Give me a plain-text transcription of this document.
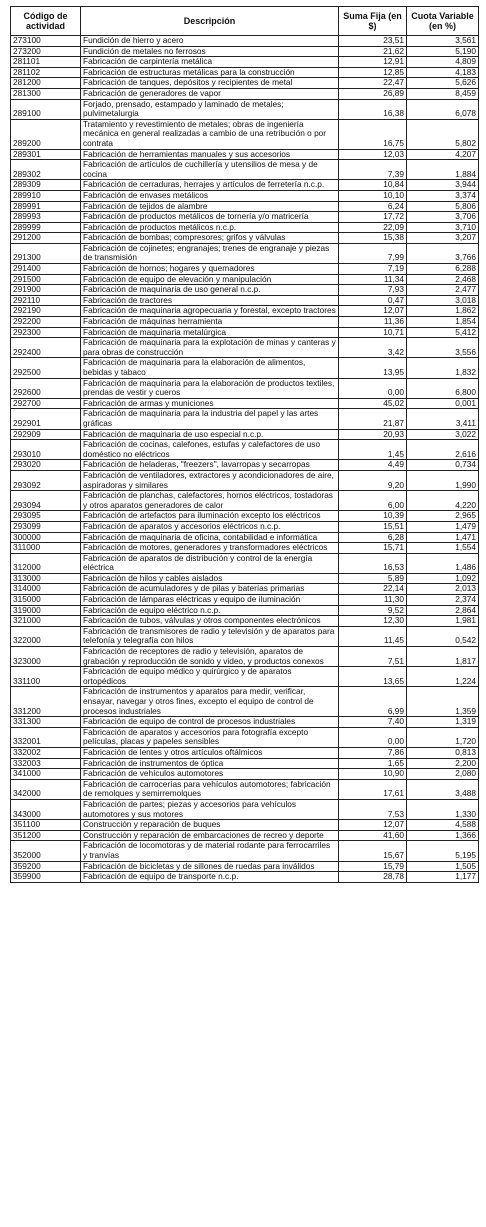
Código de actividad	Descripción	Suma Fija (en $)	Cuota Variable (en %)
273100	Fundición de hierro y acero	23,51	3,561
273200	Fundición de metales no ferrosos	21,62	5,190
281101	Fabricación de carpintería metálica	12,91	4,809
281102	Fabricación de estructuras metálicas para la construcción	12,85	4,183
281200	Fabricación de tanques, depósitos y recipientes de metal	22,47	5,626
281300	Fabricación de generadores de vapor	26,89	8,459
289100	Forjado, prensado, estampado y laminado de metales; pulvimetalurgia	16,38	6,078
289200	Tratamiento y revestimiento de metales; obras de ingeniería mecánica en general realizadas a cambio de una retribución o por contrata	16,75	5,802
289301	Fabricación de herramientas manuales y sus accesorios	12,03	4,207
289302	Fabricación de artículos de cuchillería y utensilios de mesa y de cocina	7,39	1,884
289309	Fabricación de cerraduras, herrajes y artículos de ferretería n.c.p.	10,84	3,944
289910	Fabricación de envases metálicos	10,10	3,374
289991	Fabricación de tejidos de alambre	6,24	5,806
289993	Fabricación de productos metálicos de tornería y/o matricería	17,72	3,706
289999	Fabricación de productos metálicos n.c.p.	22,09	3,710
291200	Fabricación de bombas; compresores; grifos y válvulas	15,38	3,207
291300	Fabricación de cojinetes; engranajes; trenes de engranaje y piezas de transmisión	7,99	3,766
291400	Fabricación de hornos; hogares y quemadores	7,19	6,288
291500	Fabricación de equipo de elevación y manipulación	11,34	2,468
291900	Fabricación de maquinaria de uso general n.c.p.	7,93	2,477
292110	Fabricación de tractores	0,47	3,018
292190	Fabricación de maquinaria agropecuaria y forestal, excepto tractores	12,07	1,862
292200	Fabricación de máquinas herramienta	11,36	1,854
292300	Fabricación de maquinaria metalúrgica	10,71	5,412
292400	Fabricación de maquinaria para la explotación de minas y canteras y para obras de construcción	3,42	3,556
292500	Fabricación de maquinaria para la elaboración de alimentos, bebidas y tabaco	13,95	1,832
292600	Fabricación de maquinaria para la elaboración de productos textiles, prendas de vestir y cueros	0,00	6,800
292700	Fabricación de armas y municiones	45,02	0,001
292901	Fabricación de maquinaria para la industria del papel y las artes gráficas	21,87	3,411
292909	Fabricación de maquinaria de uso especial n.c.p.	20,93	3,022
293010	Fabricación de cocinas, calefones, estufas y calefactores de uso doméstico no eléctricos	1,45	2,616
293020	Fabricación de heladeras, "freezers", lavarropas y secarropas	4,49	0,734
293092	Fabricación de ventiladores, extractores y acondicionadores de aire, aspiradoras y similares	9,20	1,990
293094	Fabricación de planchas, calefactores, hornos eléctricos, tostadoras y otros aparatos generadores de calor	6,00	4,220
293095	Fabricación de artefactos para iluminación excepto los eléctricos	10,39	2,965
293099	Fabricación de aparatos y accesorios eléctricos n.c.p.	15,51	1,479
300000	Fabricación de maquinaria de oficina, contabilidad e informática	6,28	1,471
311000	Fabricación de motores, generadores y transformadores eléctricos	15,71	1,554
312000	Fabricación de aparatos de distribución y control de la energía eléctrica	16,53	1,486
313000	Fabricación de hilos y cables aislados	5,89	1,092
314000	Fabricación de acumuladores y de pilas y baterías primarias	22,14	2,013
315000	Fabricación de lámparas eléctricas y equipo de iluminación	11,30	2,374
319000	Fabricación de equipo eléctrico n.c.p.	9,52	2,864
321000	Fabricación de tubos, válvulas y otros componentes electrónicos	12,30	1,981
322000	Fabricación de transmisores de radio y televisión y de aparatos para telefonía y telegrafía con hilos	11,45	0,542
323000	Fabricación de receptores de radio y televisión, aparatos de grabación y reproducción de sonido y video, y productos conexos	7,51	1,817
331100	Fabricación de equipo médico y quirúrgico y de aparatos ortopédicos	13,65	1,224
331200	Fabricación de instrumentos y aparatos para medir, verificar, ensayar, navegar y otros fines, excepto el equipo de control de procesos industriales	6,99	1,359
331300	Fabricación de equipo de control de procesos industriales	7,40	1,319
332001	Fabricación de aparatos y accesorios para fotografía excepto películas, placas y papeles sensibles	0,00	1,720
332002	Fabricación de lentes y otros artículos oftálmicos	7,86	0,813
332003	Fabricación de instrumentos de óptica	1,65	2,200
341000	Fabricación de vehículos automotores	10,90	2,080
342000	Fabricación de carrocerías para vehículos automotores; fabricación de remolques y semirremolques	17,61	3,488
343000	Fabricación de partes; piezas y accesorios para vehículos automotores y sus motores	7,53	1,330
351100	Construcción y reparación de buques	12,07	4,588
351200	Construcción y reparación de embarcaciones de recreo y deporte	41,60	1,366
352000	Fabricación de locomotoras y de material rodante para ferrocarriles y tranvías	15,67	5,195
359200	Fabricación de bicicletas y de sillones de ruedas para inválidos	15,79	1,505
359900	Fabricación de equipo de transporte n.c.p.	28,78	1,177
